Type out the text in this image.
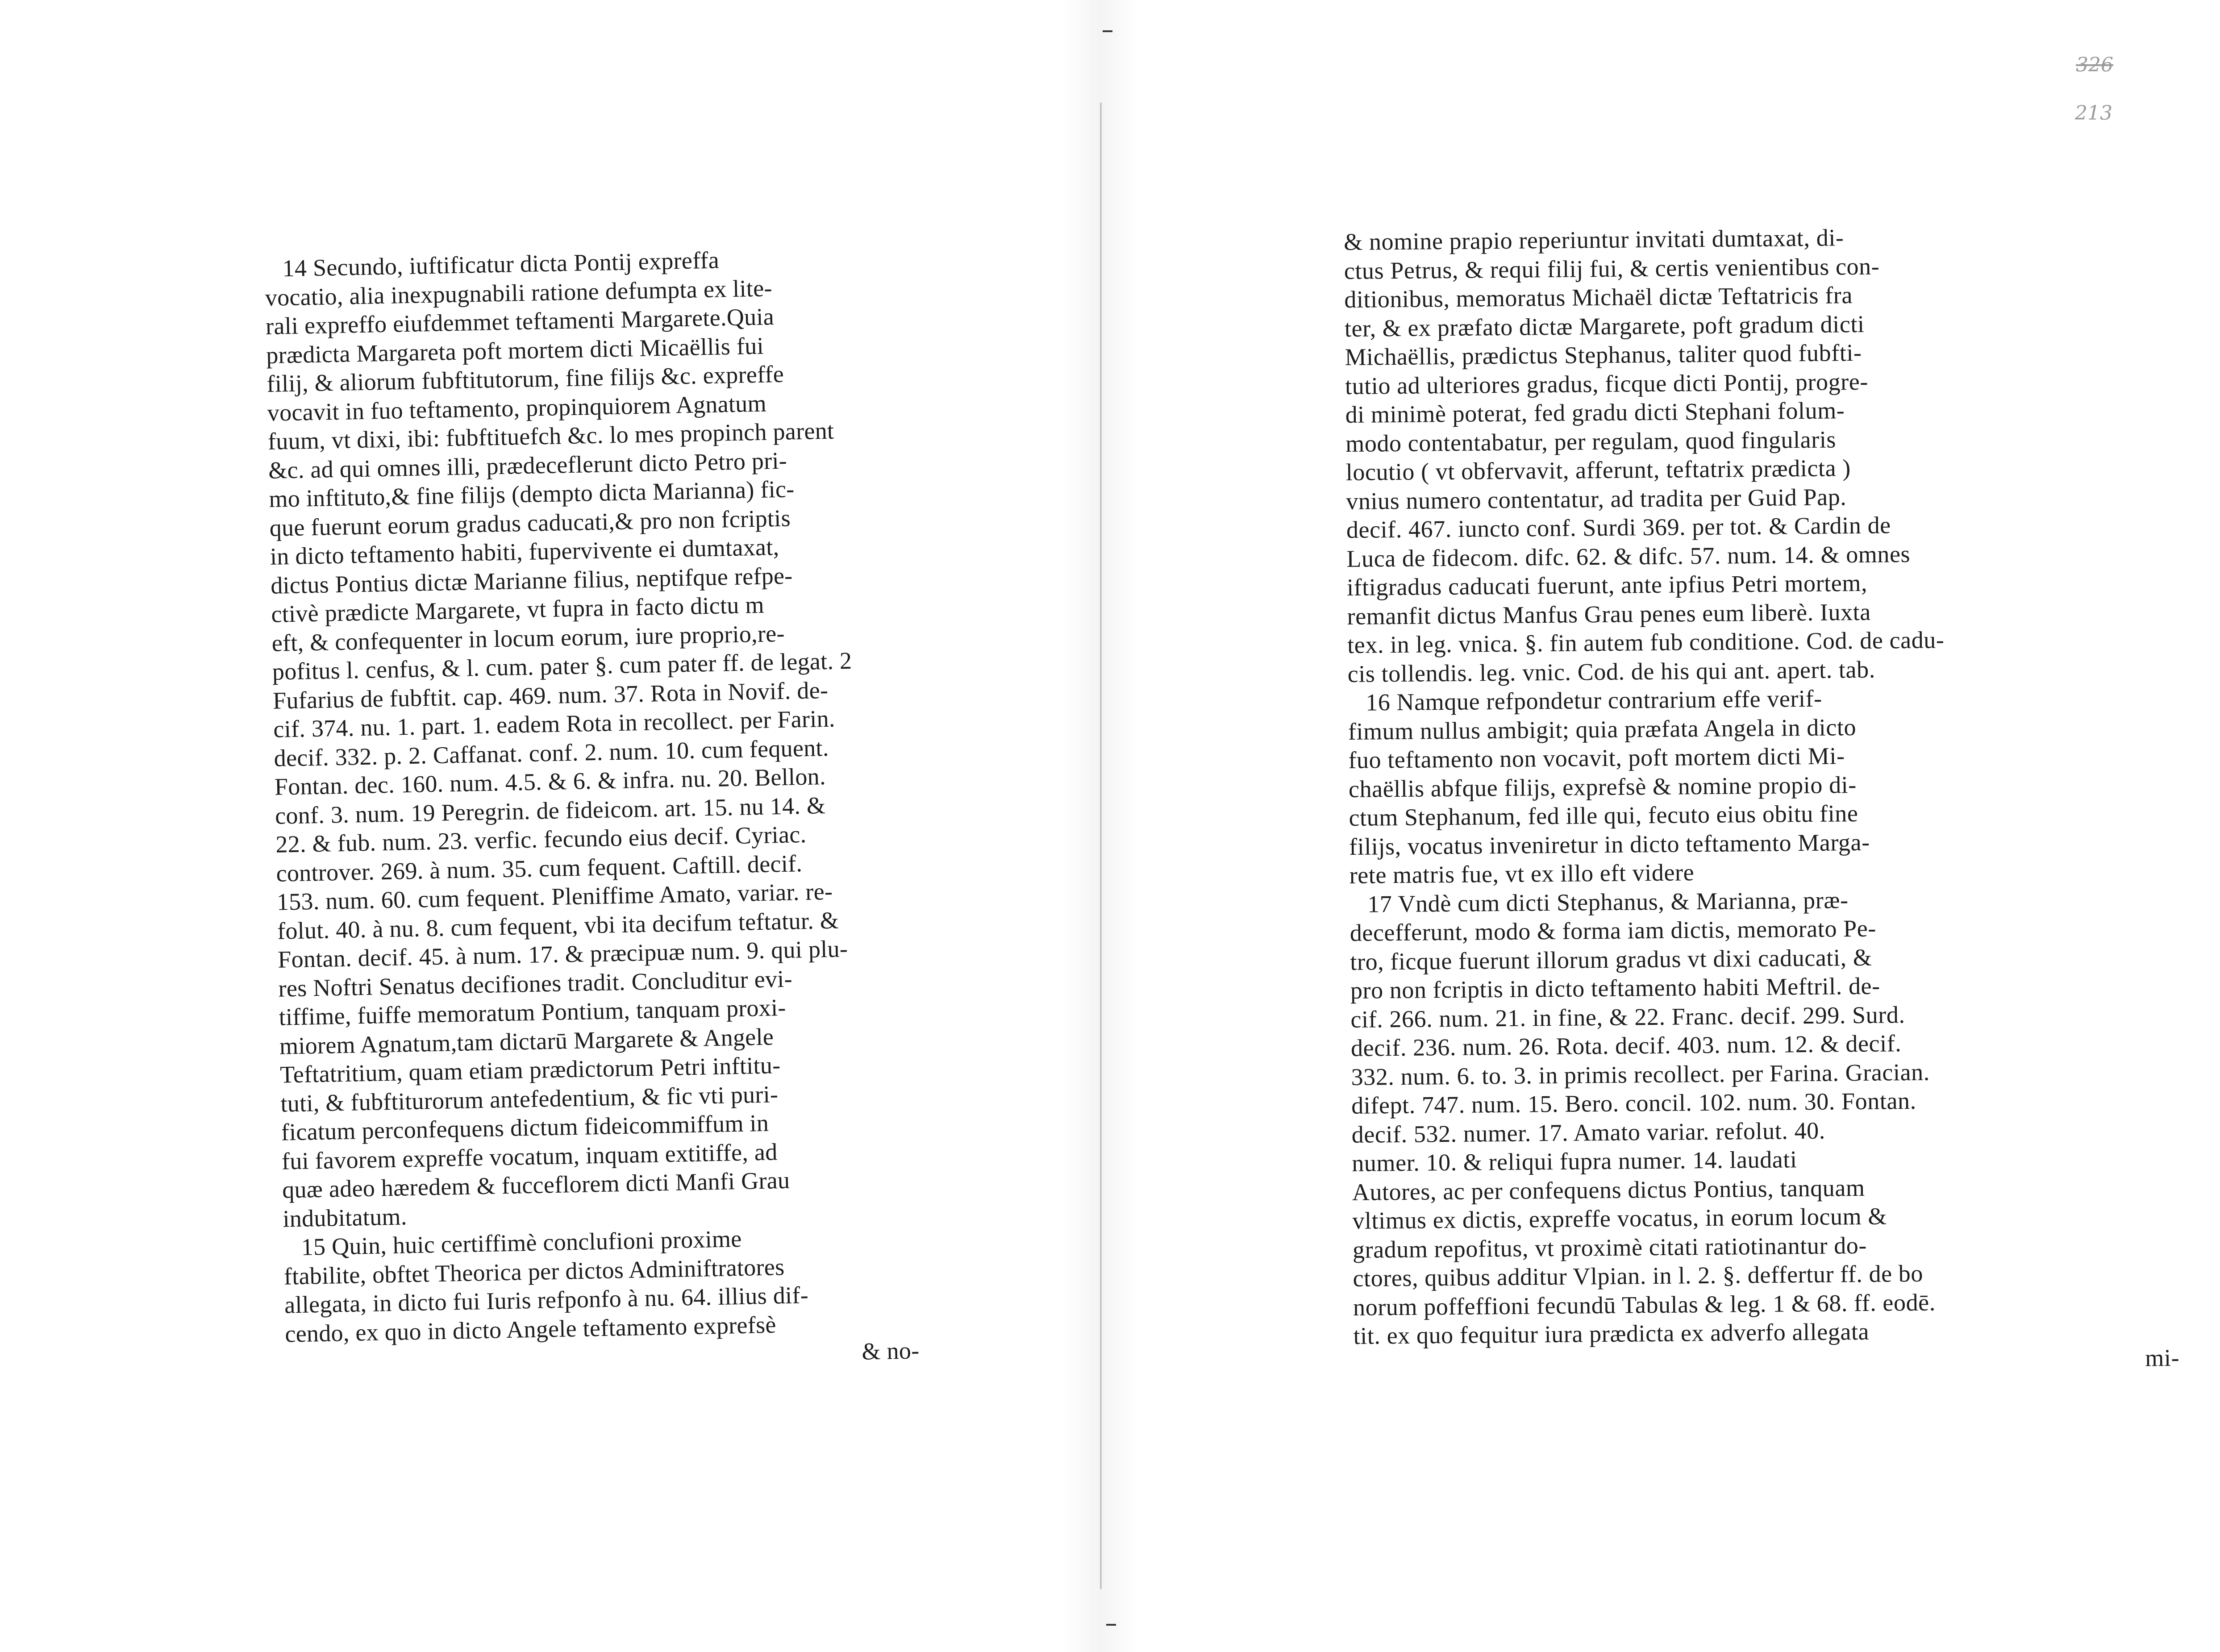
326
213
14 Secundo, iuftificatur dicta Pontij expreffa
vocatio, alia inexpugnabili ratione defumpta ex lite-
rali expreffo eiufdemmet teftamenti Margarete.Quia
prædicta Margareta poft mortem dicti Micaëllis fui
filij, & aliorum fubftitutorum, fine filijs &c. expreffe
vocavit in fuo teftamento, propinquiorem Agnatum
fuum, vt dixi, ibi: fubftituefch &c. lo mes propinch parent
&c. ad qui omnes illi, prædeceflerunt dicto Petro pri-
mo inftituto,& fine filijs (dempto dicta Marianna) fic-
que fuerunt eorum gradus caducati,& pro non fcriptis
in dicto teftamento habiti, fupervivente ei dumtaxat,
dictus Pontius dictæ Marianne filius, neptifque refpe-
ctivè prædicte Margarete, vt fupra in facto dictu m
eft, & confequenter in locum eorum, iure proprio,re-
pofitus l. cenfus, & l. cum. pater §. cum pater ff. de legat. 2
Fufarius de fubftit. cap. 469. num. 37. Rota in Novif. de-
cif. 374. nu. 1. part. 1. eadem Rota in recollect. per Farin.
decif. 332. p. 2. Caffanat. conf. 2. num. 10. cum fequent.
Fontan. dec. 160. num. 4.5. & 6. & infra. nu. 20. Bellon.
conf. 3. num. 19 Peregrin. de fideicom. art. 15. nu 14. &
22. & fub. num. 23. verfic. fecundo eius decif. Cyriac.
controver. 269. à num. 35. cum fequent. Caftill. decif.
153. num. 60. cum fequent. Pleniffime Amato, variar. re-
folut. 40. à nu. 8. cum fequent, vbi ita decifum teftatur. &
Fontan. decif. 45. à num. 17. & præcipuæ num. 9. qui plu-
res Noftri Senatus decifiones tradit. Concluditur evi-
tiffime, fuiffe memoratum Pontium, tanquam proxi-
miorem Agnatum,tam dictarū Margarete & Angele
Teftatritium, quam etiam prædictorum Petri inftitu-
tuti, & fubftiturorum antefedentium, & fic vti puri-
ficatum perconfequens dictum fideicommiffum in
fui favorem expreffe vocatum, inquam extitiffe, ad
quæ adeo hæredem & fucceflorem dicti Manfi Grau
indubitatum.
15 Quin, huic certiffimè conclufioni proxime
ftabilite, obftet Theorica per dictos Adminiftratores
allegata, in dicto fui Iuris refponfo à nu. 64. illius dif-
cendo, ex quo in dicto Angele teftamento exprefsè
& no-
& nomine prapio reperiuntur invitati dumtaxat, di-
ctus Petrus, & requi filij fui, & certis venientibus con-
ditionibus, memoratus Michaël dictæ Teftatricis fra
ter, & ex præfato dictæ Margarete, poft gradum dicti
Michaëllis, prædictus Stephanus, taliter quod fubfti-
tutio ad ulteriores gradus, ficque dicti Pontij, progre-
di minimè poterat, fed gradu dicti Stephani folum-
modo contentabatur, per regulam, quod fingularis
locutio ( vt obfervavit, afferunt, teftatrix prædicta )
vnius numero contentatur, ad tradita per Guid Pap.
decif. 467. iuncto conf. Surdi 369. per tot. & Cardin de
Luca de fidecom. difc. 62. & difc. 57. num. 14. & omnes
iftigradus caducati fuerunt, ante ipfius Petri mortem,
remanfit dictus Manfus Grau penes eum liberè. Iuxta
tex. in leg. vnica. §. fin autem fub conditione. Cod. de cadu-
cis tollendis. leg. vnic. Cod. de his qui ant. apert. tab.
16 Namque refpondetur contrarium effe verif-
fimum nullus ambigit; quia præfata Angela in dicto
fuo teftamento non vocavit, poft mortem dicti Mi-
chaëllis abfque filijs, exprefsè & nomine propio di-
ctum Stephanum, fed ille qui, fecuto eius obitu fine
filijs, vocatus inveniretur in dicto teftamento Marga-
rete matris fue, vt ex illo eft videre
17 Vndè cum dicti Stephanus, & Marianna, præ-
decefferunt, modo & forma iam dictis, memorato Pe-
tro, ficque fuerunt illorum gradus vt dixi caducati, &
pro non fcriptis in dicto teftamento habiti Meftril. de-
cif. 266. num. 21. in fine, & 22. Franc. decif. 299. Surd.
decif. 236. num. 26. Rota. decif. 403. num. 12. & decif.
332. num. 6. to. 3. in primis recollect. per Farina. Gracian.
difept. 747. num. 15. Bero. concil. 102. num. 30. Fontan.
decif. 532. numer. 17. Amato variar. refolut. 40.
numer. 10. & reliqui fupra numer. 14. laudati
Autores, ac per confequens dictus Pontius, tanquam
vltimus ex dictis, expreffe vocatus, in eorum locum &
gradum repofitus, vt proximè citati ratiotinantur do-
ctores, quibus additur Vlpian. in l. 2. §. deffertur ff. de bo
norum poffeffioni fecundū Tabulas & leg. 1 & 68. ff. eodē.
tit. ex quo fequitur iura prædicta ex adverfo allegata
mi-
